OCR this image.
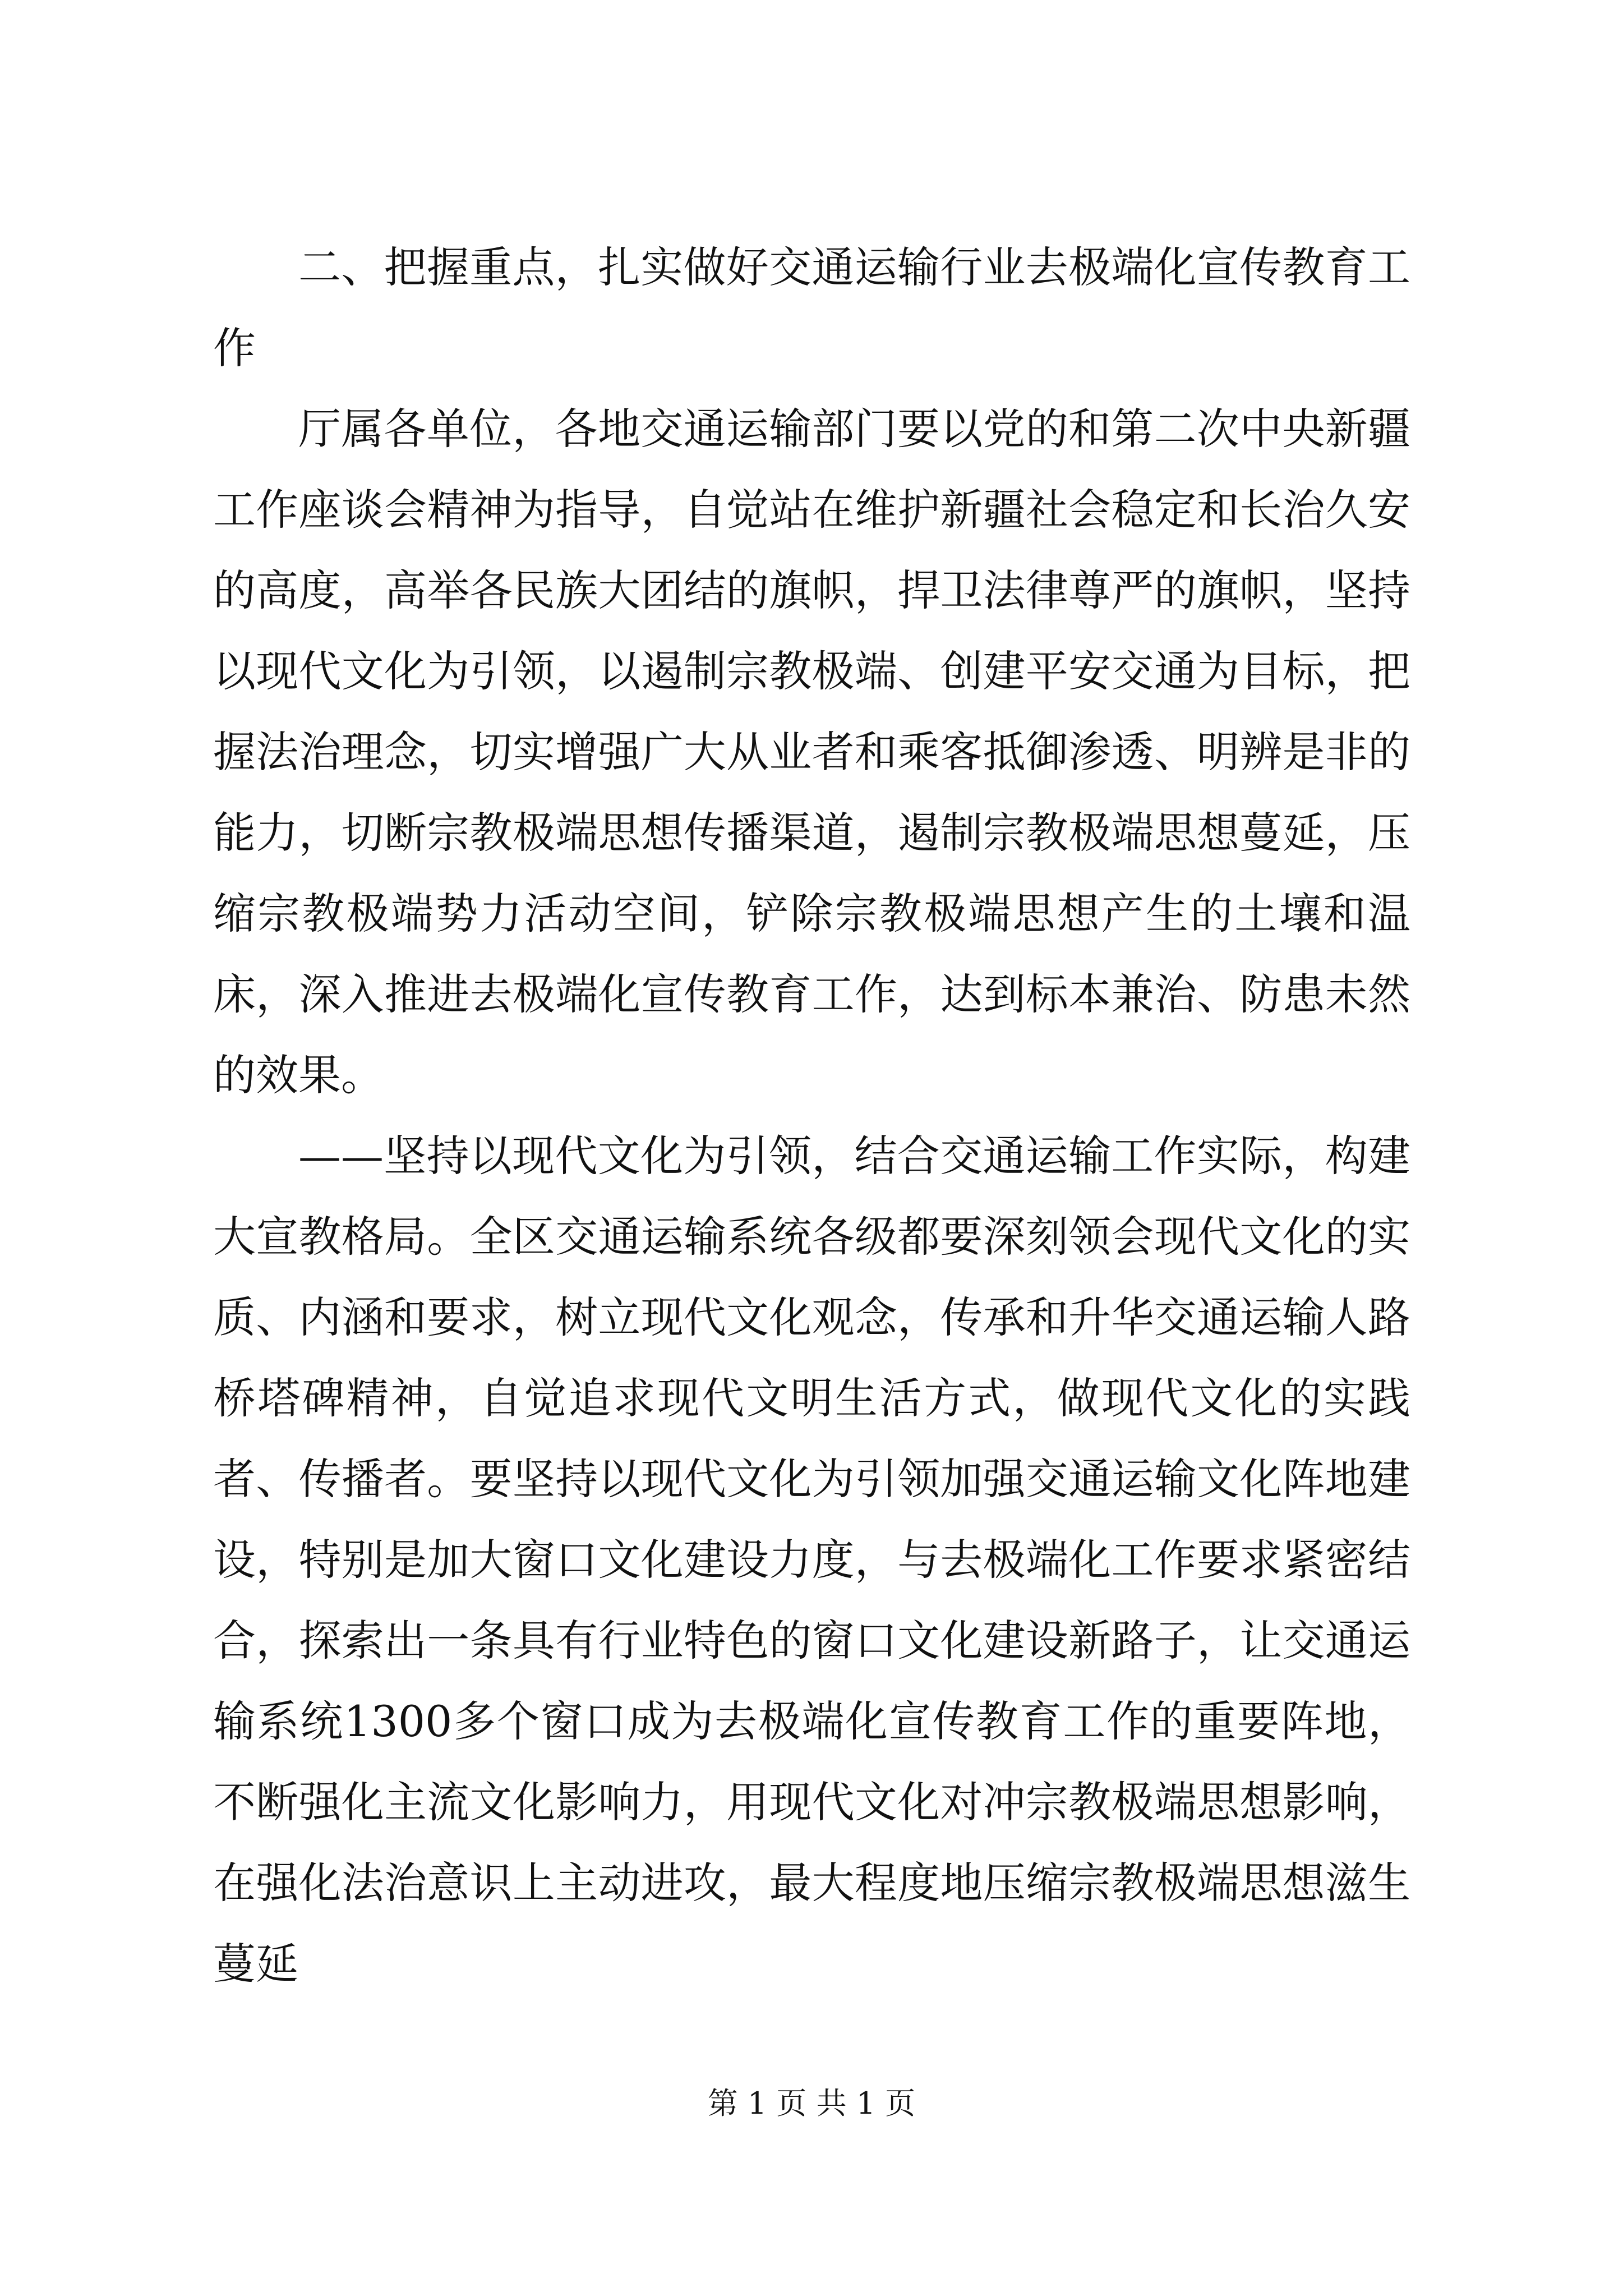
二、把握重点，扎实做好交通运输行业去极端化宣传教育工作

厅属各单位，各地交通运输部门要以党的和第二次中央新疆工作座谈会精神为指导，自觉站在维护新疆社会稳定和长治久安的高度，高举各民族大团结的旗帜，捍卫法律尊严的旗帜，坚持以现代文化为引领，以遏制宗教极端、创建平安交通为目标，把握法治理念，切实增强广大从业者和乘客抵御渗透、明辨是非的能力，切断宗教极端思想传播渠道，遏制宗教极端思想蔓延，压缩宗教极端势力活动空间，铲除宗教极端思想产生的土壤和温床，深入推进去极端化宣传教育工作，达到标本兼治、防患未然的效果。

——坚持以现代文化为引领，结合交通运输工作实际，构建大宣教格局。全区交通运输系统各级都要深刻领会现代文化的实质、内涵和要求，树立现代文化观念，传承和升华交通运输人路桥塔碑精神，自觉追求现代文明生活方式，做现代文化的实践者、传播者。要坚持以现代文化为引领加强交通运输文化阵地建设，特别是加大窗口文化建设力度，与去极端化工作要求紧密结合，探索出一条具有行业特色的窗口文化建设新路子，让交通运输系统1300多个窗口成为去极端化宣传教育工作的重要阵地，不断强化主流文化影响力，用现代文化对冲宗教极端思想影响，在强化法治意识上主动进攻，最大程度地压缩宗教极端思想滋生蔓延

第 1 页 共 1 页
